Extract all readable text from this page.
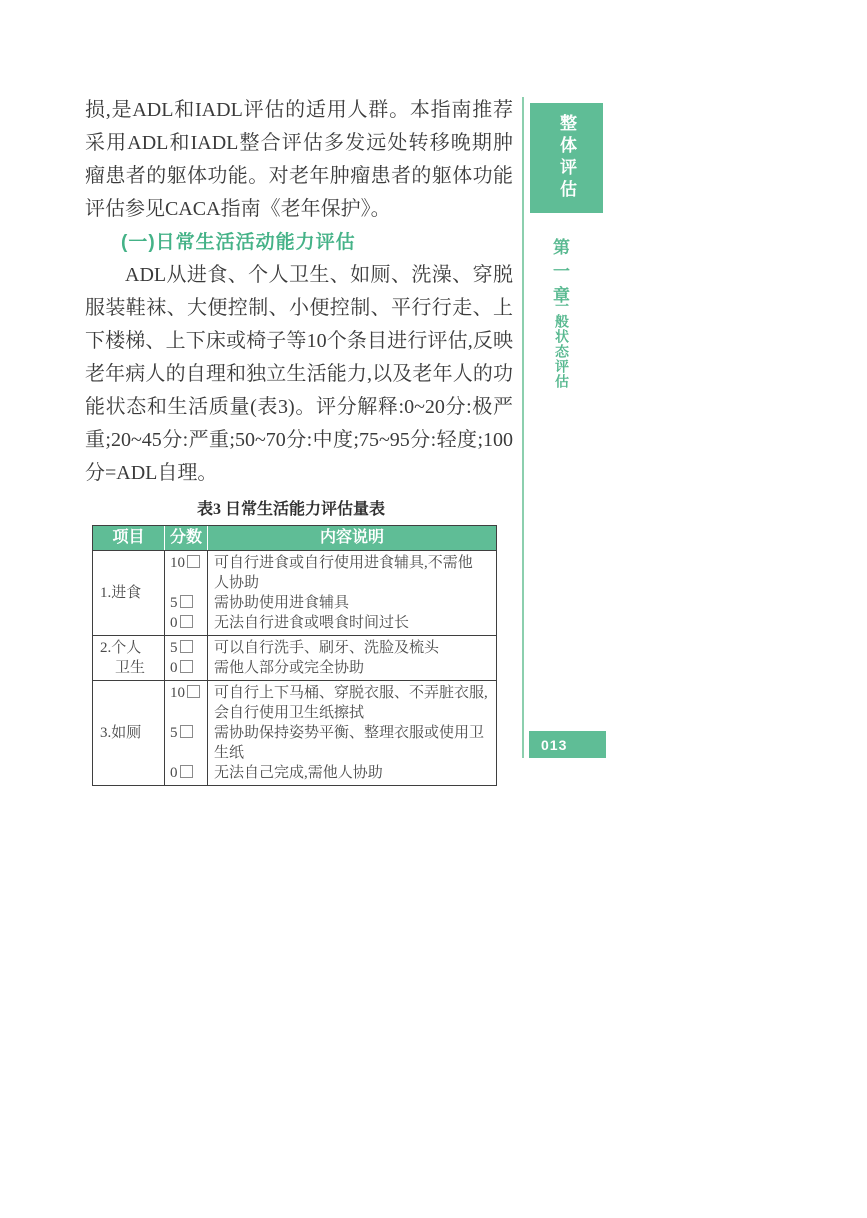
损,是ADL和IADL评估的适用人群。本指南推荐采用ADL和IADL整合评估多发远处转移晚期肿瘤患者的躯体功能。对老年肿瘤患者的躯体功能评估参见CACA指南《老年保护》。

(一)日常生活活动能力评估

ADL从进食、个人卫生、如厕、洗澡、穿脱服装鞋袜、大便控制、小便控制、平行行走、上下楼梯、上下床或椅子等10个条目进行评估,反映老年病人的自理和独立生活能力,以及老年人的功能状态和生活质量(表3)。评分解释:0~20分:极严重;20~45分:严重;50~70分:中度;75~95分:轻度;100分=ADL自理。

表3 日常生活能力评估量表
项目	分数	内容说明
1.进食
10
5
0
可自行进食或自行使用进食辅具,不需他
人协助
需协助使用进食辅具
无法自行进食或喂食时间过长
2.个人
卫生
5
0
可以自行洗手、刷牙、洗脸及梳头
需他人部分或完全协助
3.如厕
10
5
0
可自行上下马桶、穿脱衣服、不弄脏衣服,
会自行使用卫生纸擦拭
需协助保持姿势平衡、整理衣服或使用卫
生纸
无法自己完成,需他人协助
整体评估
第一章
一般状态评估
013
